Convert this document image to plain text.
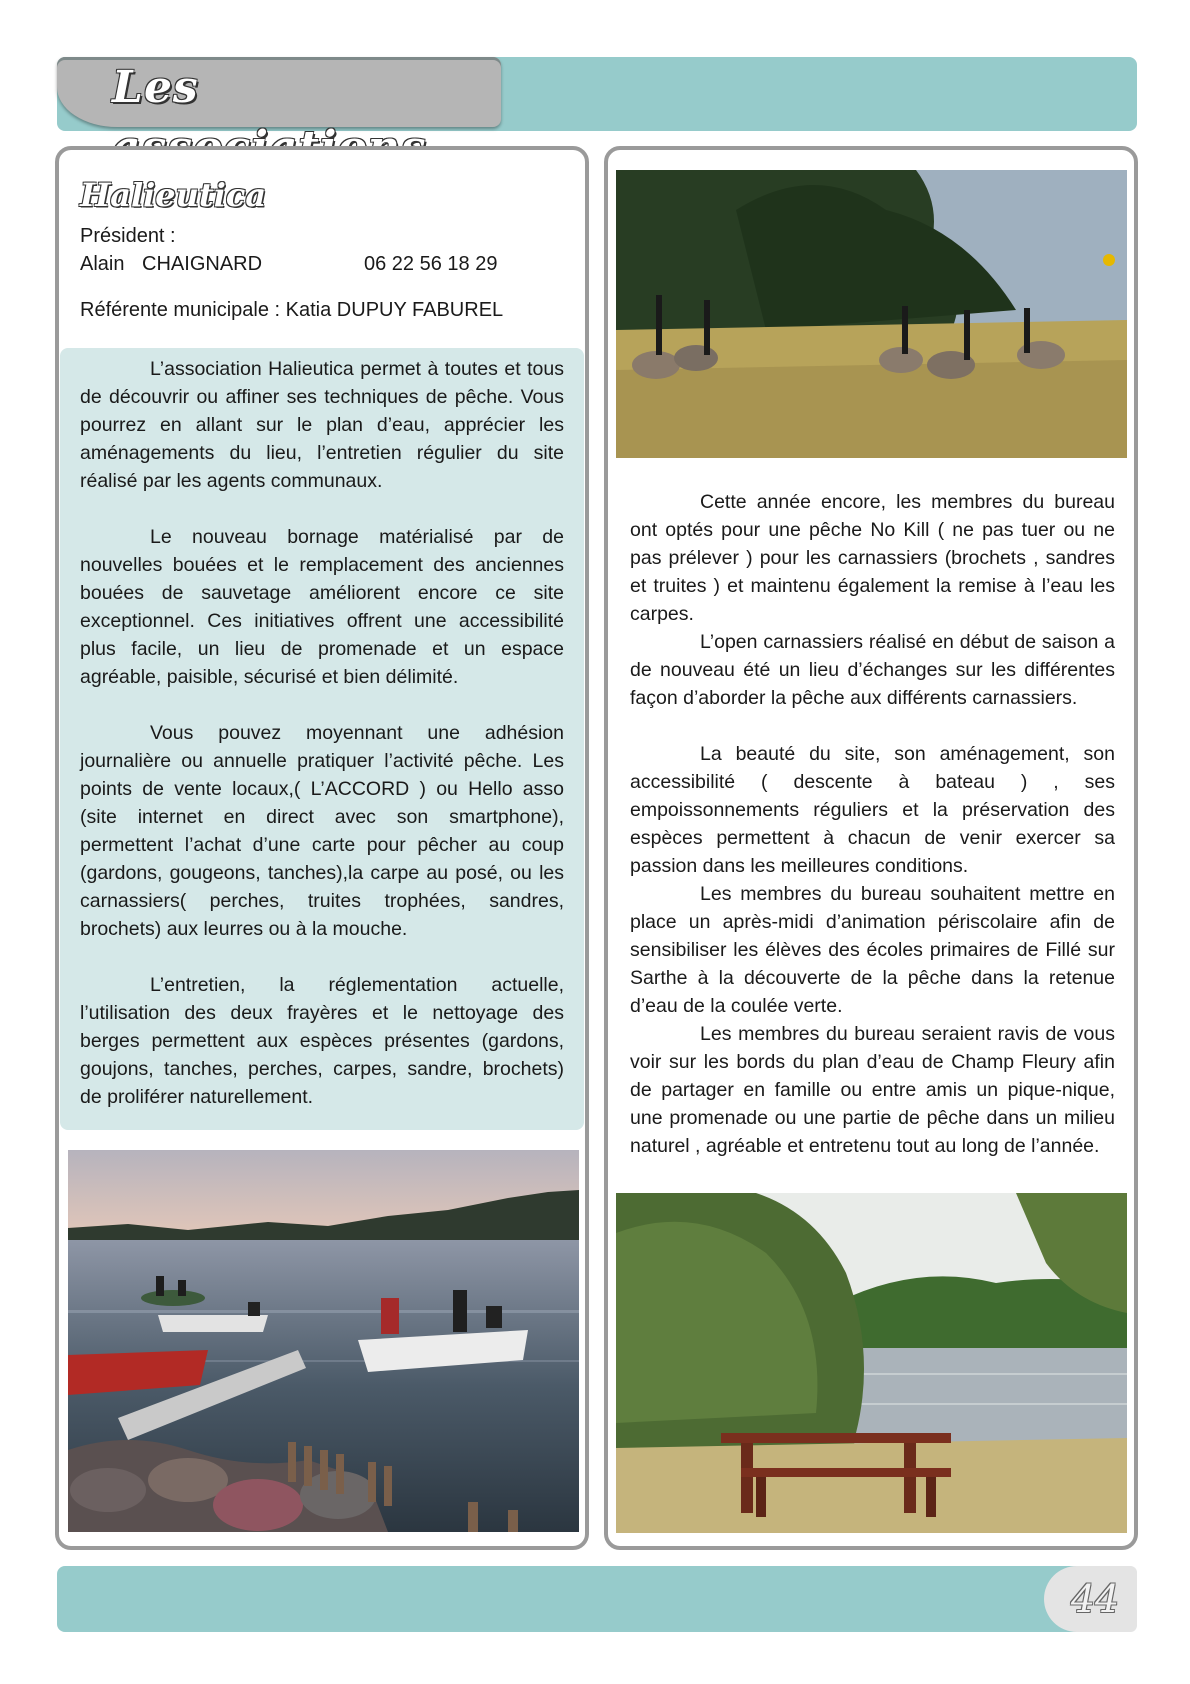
Les
Halieutica
Président :
Alain CHAIGNARD	06 22 56 18 29
Référente municipale : Katia DUPUY FABUREL

L’association Halieutica permet à toutes et tous de découvrir ou affiner ses techniques de pêche. Vous pourrez en allant sur le plan d’eau, apprécier les aménagements du lieu, l’entretien régulier du site réalisé par les agents communaux.

Le nouveau bornage matérialisé par de nouvelles bouées et le remplacement des anciennes bouées de sauvetage améliorent encore ce site exceptionnel. Ces initiatives offrent une accessibilité plus facile, un lieu de promenade et un espace agréable, paisible, sécurisé et bien délimité.

Vous pouvez moyennant une adhésion journalière ou annuelle pratiquer l’activité pêche. Les points de vente locaux,( L’ACCORD ) ou Hello asso (site internet en direct avec son smartphone), permettent l’achat d’une carte pour pêcher au coup (gardons, gougeons, tanches),la carpe au posé, ou les carnassiers( perches, truites trophées, sandres, brochets) aux leurres ou à la mouche.

L’entretien, la réglementation actuelle, l’utilisation des deux frayères et le nettoyage des berges permettent aux espèces présentes (gardons, goujons, tanches, perches, carpes, sandre, brochets) de proliférer naturellement.

Cette année encore, les membres du bureau ont optés pour une pêche No Kill ( ne pas tuer ou ne pas prélever ) pour les carnassiers (brochets , sandres et truites ) et maintenu également la remise à l’eau les carpes.

L’open carnassiers réalisé en début de saison a de nouveau été un lieu d’échanges sur les différentes façon d’aborder la pêche aux différents carnassiers.

La beauté du site, son aménagement, son accessibilité ( descente à bateau ) , ses empoissonnements réguliers et la préservation des espèces permettent à chacun de venir exercer sa passion dans les meilleures conditions.

Les membres du bureau souhaitent mettre en place un après-midi d’animation périscolaire afin de sensibiliser les élèves des écoles primaires de Fillé sur Sarthe à la découverte de la pêche dans la retenue d’eau de la coulée verte.

Les membres du bureau seraient ravis de vous voir sur les bords du plan d’eau de Champ Fleury afin de partager en famille ou entre amis un pique-nique, une promenade ou une partie de pêche dans un milieu naturel , agréable et entretenu tout au long de l’année.

44
